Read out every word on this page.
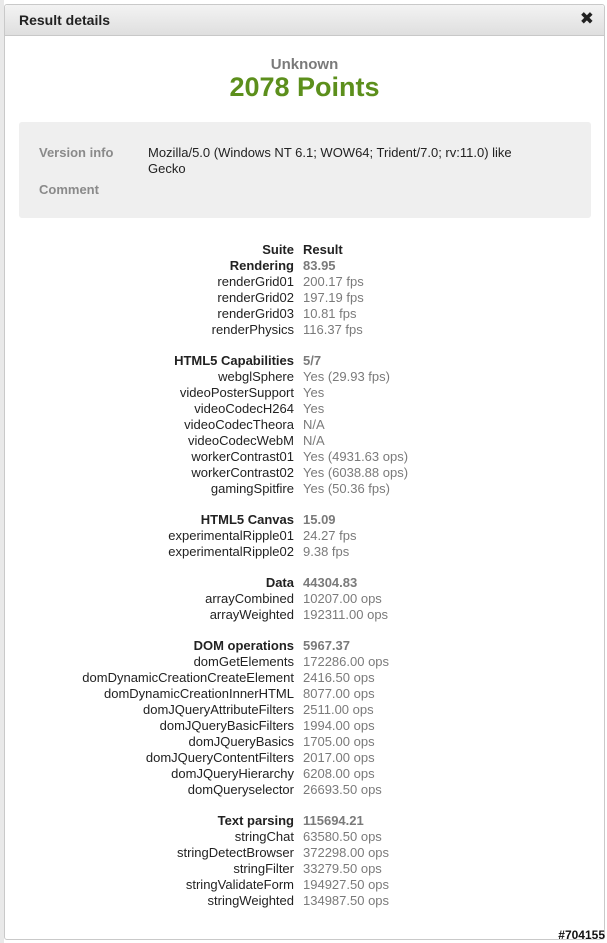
Result details	✖
Unknown
2078 Points
Version info	Mozilla/5.0 (Windows NT 6.1; WOW64; Trident/7.0; rv:11.0) like Gecko
Comment
Suite Result
Rendering 83.95
renderGrid01 200.17 fps
renderGrid02 197.19 fps
renderGrid03 10.81 fps
renderPhysics 116.37 fps
HTML5 Capabilities 5/7
webglSphere Yes (29.93 fps)
videoPosterSupport Yes
videoCodecH264 Yes
videoCodecTheora N/A
videoCodecWebM N/A
workerContrast01 Yes (4931.63 ops)
workerContrast02 Yes (6038.88 ops)
gamingSpitfire Yes (50.36 fps)
HTML5 Canvas 15.09
experimentalRipple01 24.27 fps
experimentalRipple02 9.38 fps
Data 44304.83
arrayCombined 10207.00 ops
arrayWeighted 192311.00 ops
DOM operations 5967.37
domGetElements 172286.00 ops
domDynamicCreationCreateElement 2416.50 ops
domDynamicCreationInnerHTML 8077.00 ops
domJQueryAttributeFilters 2511.00 ops
domJQueryBasicFilters 1994.00 ops
domJQueryBasics 1705.00 ops
domJQueryContentFilters 2017.00 ops
domJQueryHierarchy 6208.00 ops
domQueryselector 26693.50 ops
Text parsing 115694.21
stringChat 63580.50 ops
stringDetectBrowser 372298.00 ops
stringFilter 33279.50 ops
stringValidateForm 194927.50 ops
stringWeighted 134987.50 ops
#704155
